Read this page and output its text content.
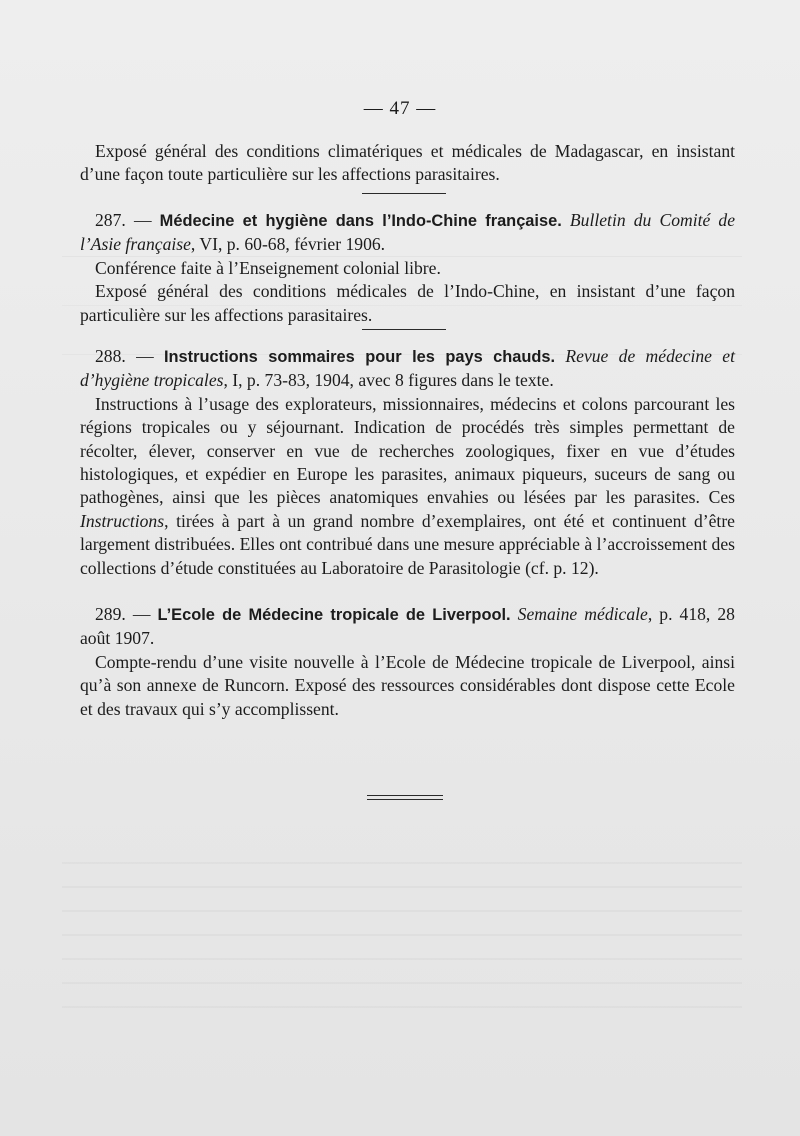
— 47 —

Exposé général des conditions climatériques et médicales de Madagascar, en insistant d’une façon toute particulière sur les affections parasitaires.

287. — Médecine et hygiène dans l’Indo-Chine française. Bulletin du Comité de l’Asie française, VI, p. 60-68, février 1906.

Conférence faite à l’Enseignement colonial libre.

Exposé général des conditions médicales de l’Indo-Chine, en insistant d’une façon particulière sur les affections parasitaires.

288. — Instructions sommaires pour les pays chauds. Revue de médecine et d’hygiène tropicales, I, p. 73-83, 1904, avec 8 figures dans le texte.

Instructions à l’usage des explorateurs, missionnaires, médecins et colons parcourant les régions tropicales ou y séjournant. Indication de procédés très simples permettant de récolter, élever, conserver en vue de recherches zoologiques, fixer en vue d’études histologiques, et expédier en Europe les parasites, animaux piqueurs, suceurs de sang ou pathogènes, ainsi que les pièces anatomiques envahies ou lésées par les parasites. Ces Instructions, tirées à part à un grand nombre d’exemplaires, ont été et continuent d’être largement distribuées. Elles ont contribué dans une mesure appréciable à l’accroissement des collections d’étude constituées au Laboratoire de Parasitologie (cf. p. 12).

289. — L’Ecole de Médecine tropicale de Liverpool. Semaine médicale, p. 418, 28 août 1907.

Compte-rendu d’une visite nouvelle à l’Ecole de Médecine tropicale de Liverpool, ainsi qu’à son annexe de Runcorn. Exposé des ressources considérables dont dispose cette Ecole et des travaux qui s’y accomplissent.
